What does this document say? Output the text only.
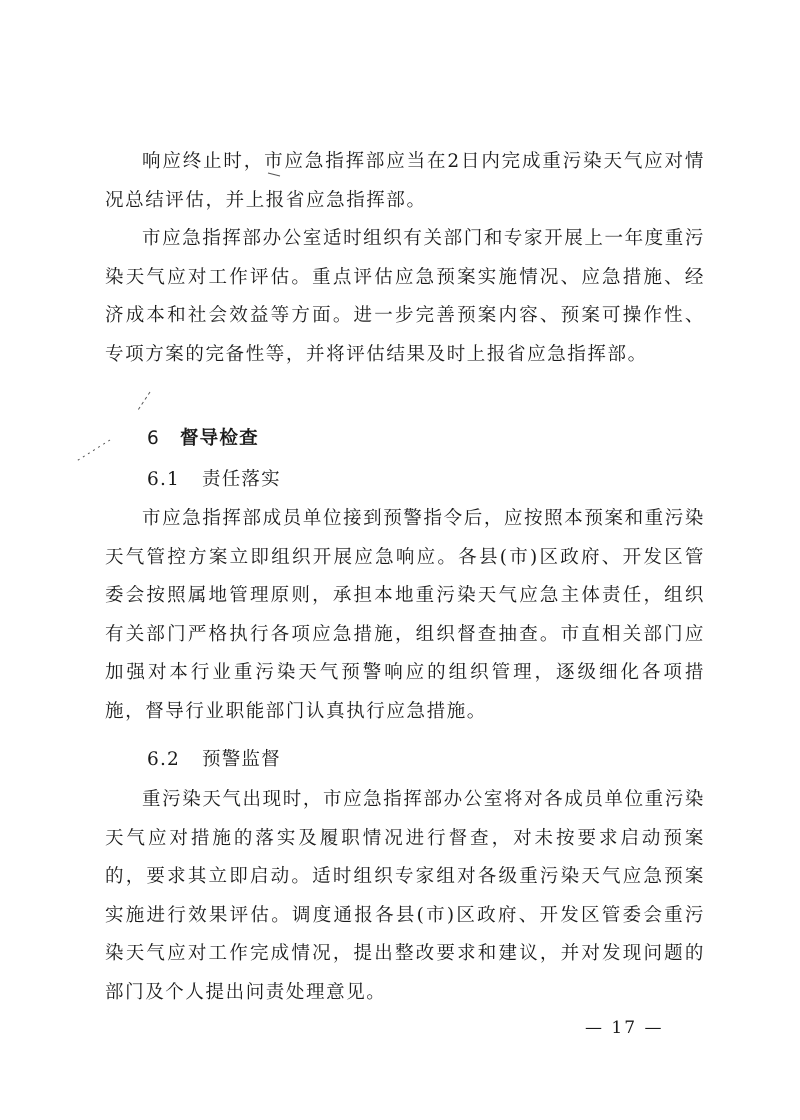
响应终止时，市应急指挥部应当在2日内完成重污染天气应对情况总结评估，并上报省应急指挥部。
市应急指挥部办公室适时组织有关部门和专家开展上一年度重污染天气应对工作评估。重点评估应急预案实施情况、应急措施、经济成本和社会效益等方面。进一步完善预案内容、预案可操作性、专项方案的完备性等，并将评估结果及时上报省应急指挥部。
6 督导检查
6.1 责任落实
市应急指挥部成员单位接到预警指令后，应按照本预案和重污染天气管控方案立即组织开展应急响应。各县(市)区政府、开发区管委会按照属地管理原则，承担本地重污染天气应急主体责任，组织有关部门严格执行各项应急措施，组织督查抽查。市直相关部门应加强对本行业重污染天气预警响应的组织管理，逐级细化各项措施，督导行业职能部门认真执行应急措施。
6.2 预警监督
重污染天气出现时，市应急指挥部办公室将对各成员单位重污染天气应对措施的落实及履职情况进行督查，对未按要求启动预案的，要求其立即启动。适时组织专家组对各级重污染天气应急预案实施进行效果评估。调度通报各县(市)区政府、开发区管委会重污染天气应对工作完成情况，提出整改要求和建议，并对发现问题的部门及个人提出问责处理意见。
— 17 —
